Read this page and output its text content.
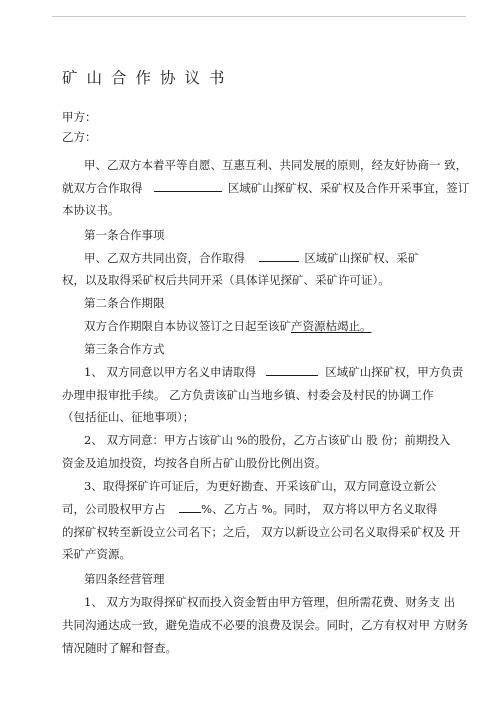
矿山合作协议书
甲方：
乙方：
甲、乙双方本着平等自愿、互惠互利、共同发展的原则，经友好协商一 致，
就双方合作取得	区域矿山探矿权、采矿权及合作开采事宜，签订
本协议书。
第一条合作事项
甲、乙双方共同出资，合作取得	区域矿山探矿权、采矿
权，以及取得采矿权后共同开采（具体详见探矿、采矿许可证）。
第二条合作期限
双方合作期限自本协议签订之日起至该矿产资源枯竭止。
第三条合作方式
1、 双方同意以甲方名义申请取得	区域矿山探矿权，甲方负责
办理申报审批手续。 乙方负责该矿山当地乡镇、村委会及村民的协调工作
（包括征山、征地事项）；
2、 双方同意：甲方占该矿山 %的股份，乙方占该矿山 股 份；前期投入
资金及追加投资，均按各自所占矿山股份比例出资。
3、取得探矿许可证后，为更好勘查、开采该矿山，双方同意设立新公
司，公司股权甲方占	%、乙方占 %。同时， 双方将以甲方名义取得
的探矿权转至新设立公司名下；之后， 双方以新设立公司名义取得采矿权及 开
采矿产资源。
第四条经营管理
1、 双方为取得探矿权而投入资金暂由甲方管理，但所需花费、财务支 出
共同沟通达成一致，避免造成不必要的浪费及误会。同时，乙方有权对甲 方财务
情况随时了解和督查。
